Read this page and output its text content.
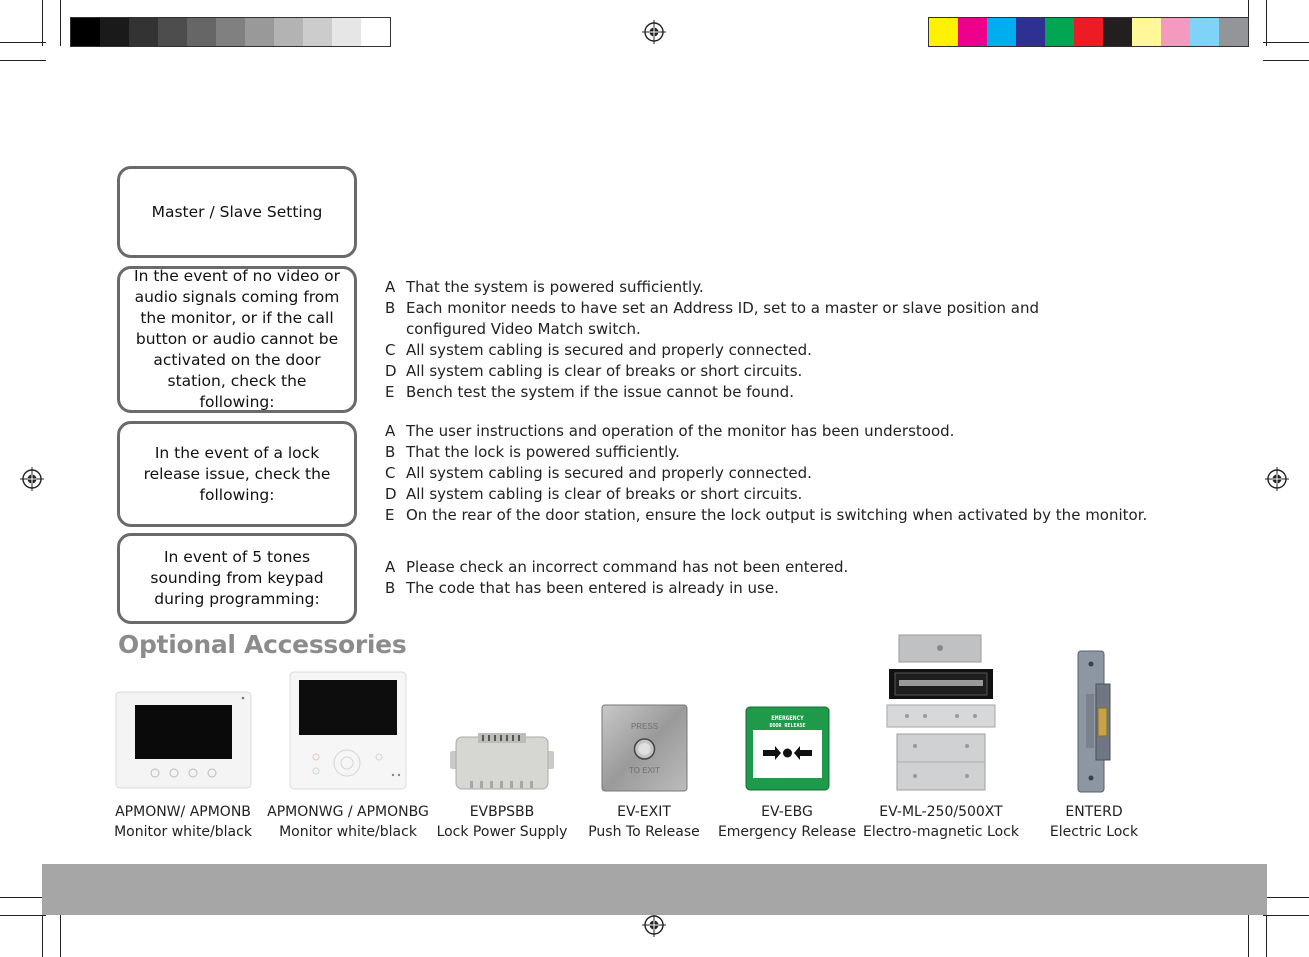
Master / Slave Setting
In the event of no video or audio signals coming from the monitor, or if the call button or audio cannot be activated on the door station, check the following:
In the event of a lock release issue, check the following:
In event of 5 tones sounding from keypad during programming:
A That the system is powered sufficiently.
B Each monitor needs to have set an Address ID, set to a master or slave position and
configured Video Match switch.
C All system cabling is secured and properly connected.
D All system cabling is clear of breaks or short circuits.
E Bench test the system if the issue cannot be found.
A The user instructions and operation of the monitor has been understood.
B That the lock is powered sufficiently.
C All system cabling is secured and properly connected.
D All system cabling is clear of breaks or short circuits.
E On the rear of the door station, ensure the lock output is switching when activated by the monitor.
A Please check an incorrect command has not been entered.
B The code that has been entered is already in use.
Optional Accessories
PRESS
TO EXIT
EMERGENCY
DOOR RELEASE
APMONW/ APMONB
Monitor white/black
APMONWG / APMONBG
Monitor white/black
EVBPSBB
Lock Power Supply
EV-EXIT
Push To Release
EV-EBG
Emergency Release
EV-ML-250/500XT
Electro-magnetic Lock
ENTERD
Electric Lock
